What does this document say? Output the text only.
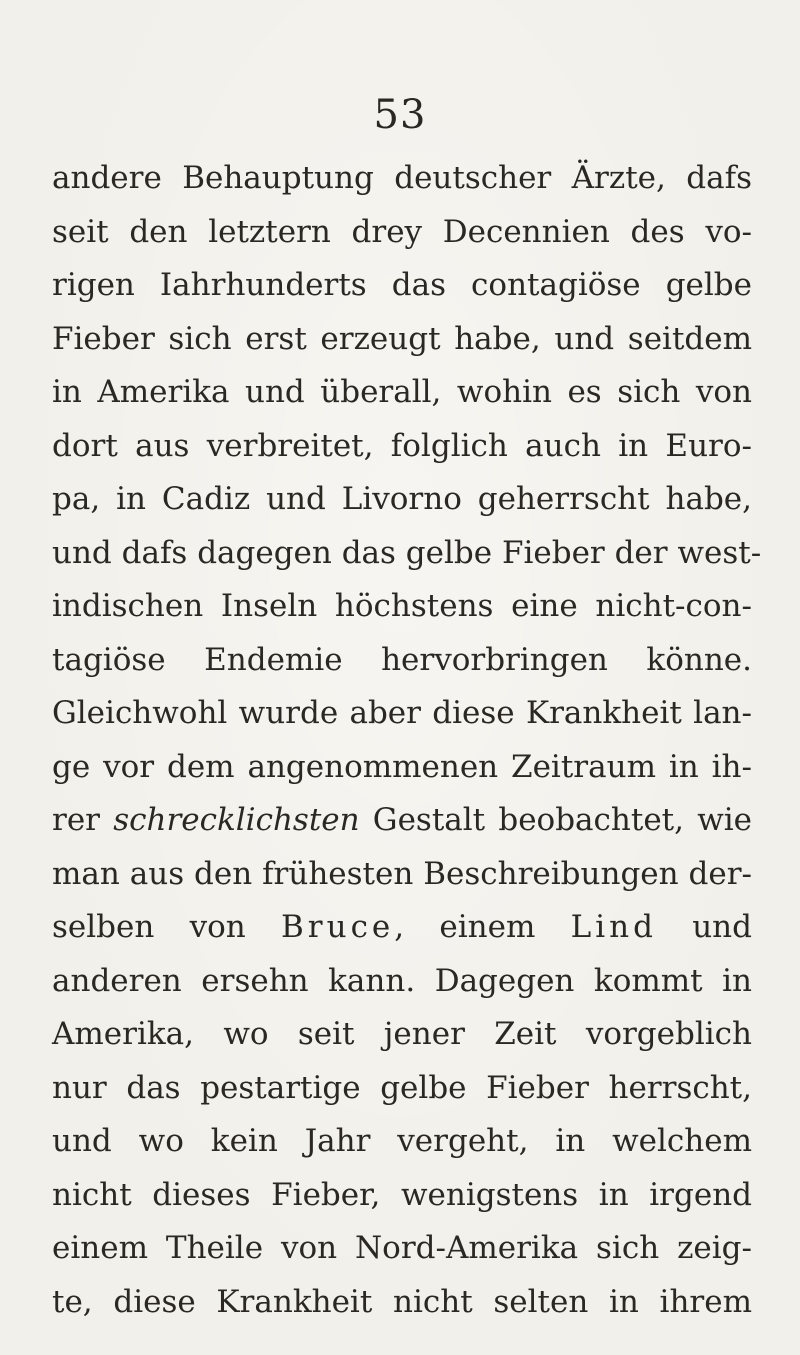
53
andere Behauptung deutscher Ärzte, dafs
seit den letztern drey Decennien des vo-
rigen Iahrhunderts das contagiöse gelbe
Fieber sich erst erzeugt habe, und seitdem
in Amerika und überall, wohin es sich von
dort aus verbreitet, folglich auch in Euro-
pa, in Cadiz und Livorno geherrscht habe,
und dafs dagegen das gelbe Fieber der west-
indischen Inseln höchstens eine nicht-con-
tagiöse Endemie hervorbringen könne.
Gleichwohl wurde aber diese Krankheit lan-
ge vor dem angenommenen Zeitraum in ih-
rer schrecklichsten Gestalt beobachtet, wie
man aus den frühesten Beschreibungen der-
selben von Bruce, einem Lind und
anderen ersehn kann. Dagegen kommt in
Amerika, wo seit jener Zeit vorgeblich
nur das pestartige gelbe Fieber herrscht,
und wo kein Jahr vergeht, in welchem
nicht dieses Fieber, wenigstens in irgend
einem Theile von Nord-Amerika sich zeig-
te, diese Krankheit nicht selten in ihrem
